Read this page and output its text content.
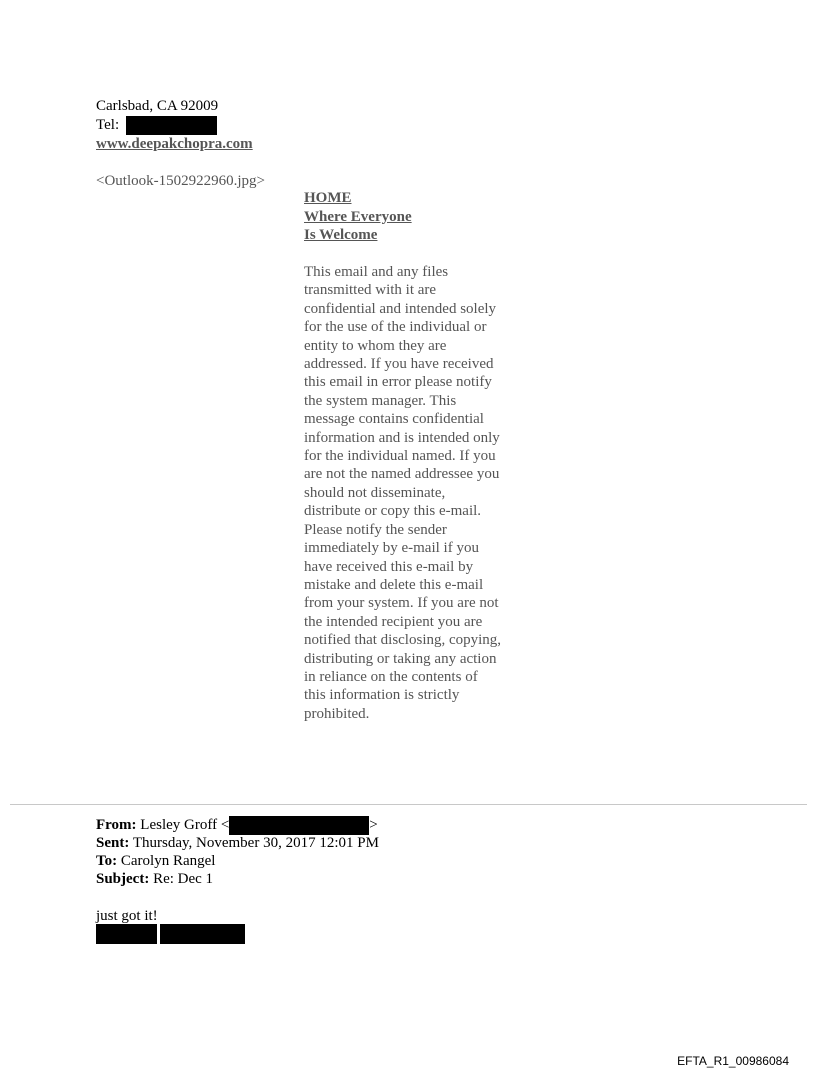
Carlsbad, CA 92009
Tel:
www.deepakchopra.com
<Outlook-1502922960.jpg>
HOME
Where Everyone
Is Welcome
This email and any files
transmitted with it are
confidential and intended solely
for the use of the individual or
entity to whom they are
addressed. If you have received
this email in error please notify
the system manager. This
message contains confidential
information and is intended only
for the individual named. If you
are not the named addressee you
should not disseminate,
distribute or copy this e-mail.
Please notify the sender
immediately by e-mail if you
have received this e-mail by
mistake and delete this e-mail
from your system. If you are not
the intended recipient you are
notified that disclosing, copying,
distributing or taking any action
in reliance on the contents of
this information is strictly
prohibited.
From: Lesley Groff <	>
Sent: Thursday, November 30, 2017 12:01 PM
To: Carolyn Rangel
Subject: Re: Dec 1
just got it!
EFTA_R1_00986084
